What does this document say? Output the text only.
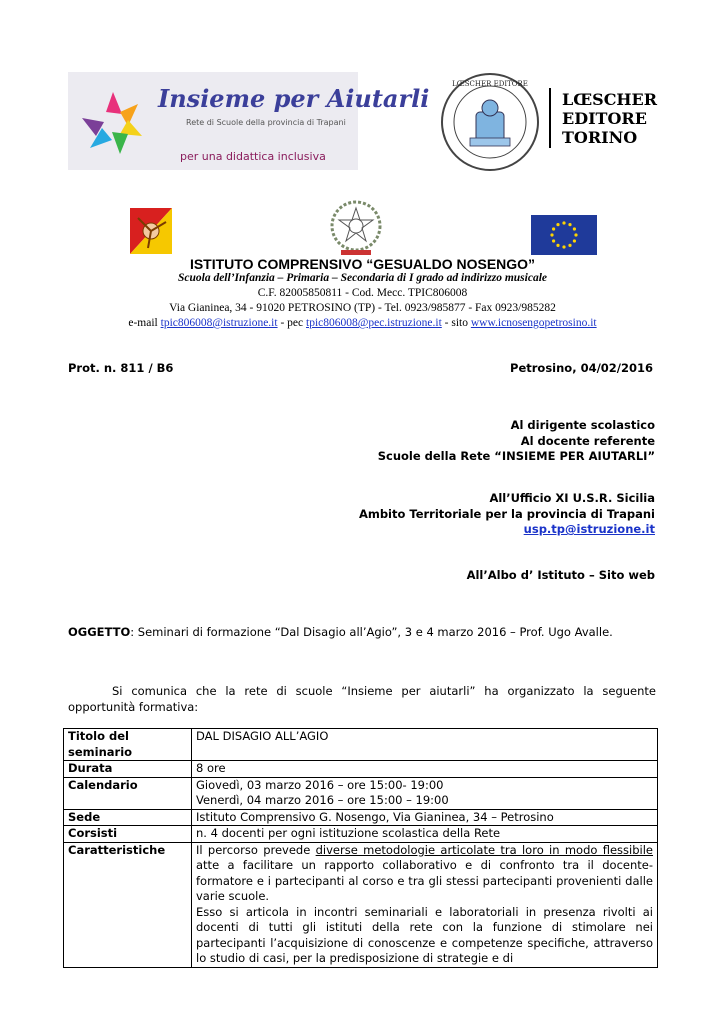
Insieme per Aiutarli
Rete di Scuole della provincia di Trapani
per una didattica inclusiva
LŒSCHER EDITORE
LŒSCHER
EDITORE
TORINO
ISTITUTO COMPRENSIVO “GESUALDO NOSENGO”
Scuola dell’Infanzia – Primaria – Secondaria di I grado ad indirizzo musicale
C.F. 82005850811 - Cod. Mecc. TPIC806008
Via Gianinea, 34 - 91020 PETROSINO (TP) - Tel. 0923/985877 - Fax 0923/985282
e-mail tpic806008@istruzione.it - pec tpic806008@pec.istruzione.it - sito www.icnosengopetrosino.it
Prot. n. 811 / B6	Petrosino, 04/02/2016
Al dirigente scolastico
Al docente referente
Scuole della Rete “INSIEME PER AIUTARLI”
All’Ufficio XI U.S.R. Sicilia
Ambito Territoriale per la provincia di Trapani
usp.tp@istruzione.it
All’Albo d’ Istituto – Sito web
OGGETTO: Seminari di formazione “Dal Disagio all’Agio”, 3 e 4 marzo 2016 – Prof. Ugo Avalle.
Si comunica che la rete di scuole “Insieme per aiutarli” ha organizzato la seguente opportunità formativa:
Titolo del seminario	DAL DISAGIO ALL’AGIO
Durata	8 ore
Calendario	Giovedì, 03 marzo 2016 – ore 15:00- 19:00
Venerdì, 04 marzo 2016 – ore 15:00 – 19:00

Sede	Istituto Comprensivo G. Nosengo, Via Gianinea, 34 – Petrosino
Corsisti	n. 4 docenti per ogni istituzione scolastica della Rete
Caratteristiche	Il percorso prevede diverse metodologie articolate tra loro in modo flessibile atte a facilitare un rapporto collaborativo e di confronto tra il docente-formatore e i partecipanti al corso e tra gli stessi partecipanti provenienti dalle varie scuole.
Esso si articola in incontri seminariali e laboratoriali in presenza rivolti ai docenti di tutti gli istituti della rete con la funzione di stimolare nei partecipanti l’acquisizione di conoscenze e competenze specifiche, attraverso lo studio di casi, per la predisposizione di strategie e di
